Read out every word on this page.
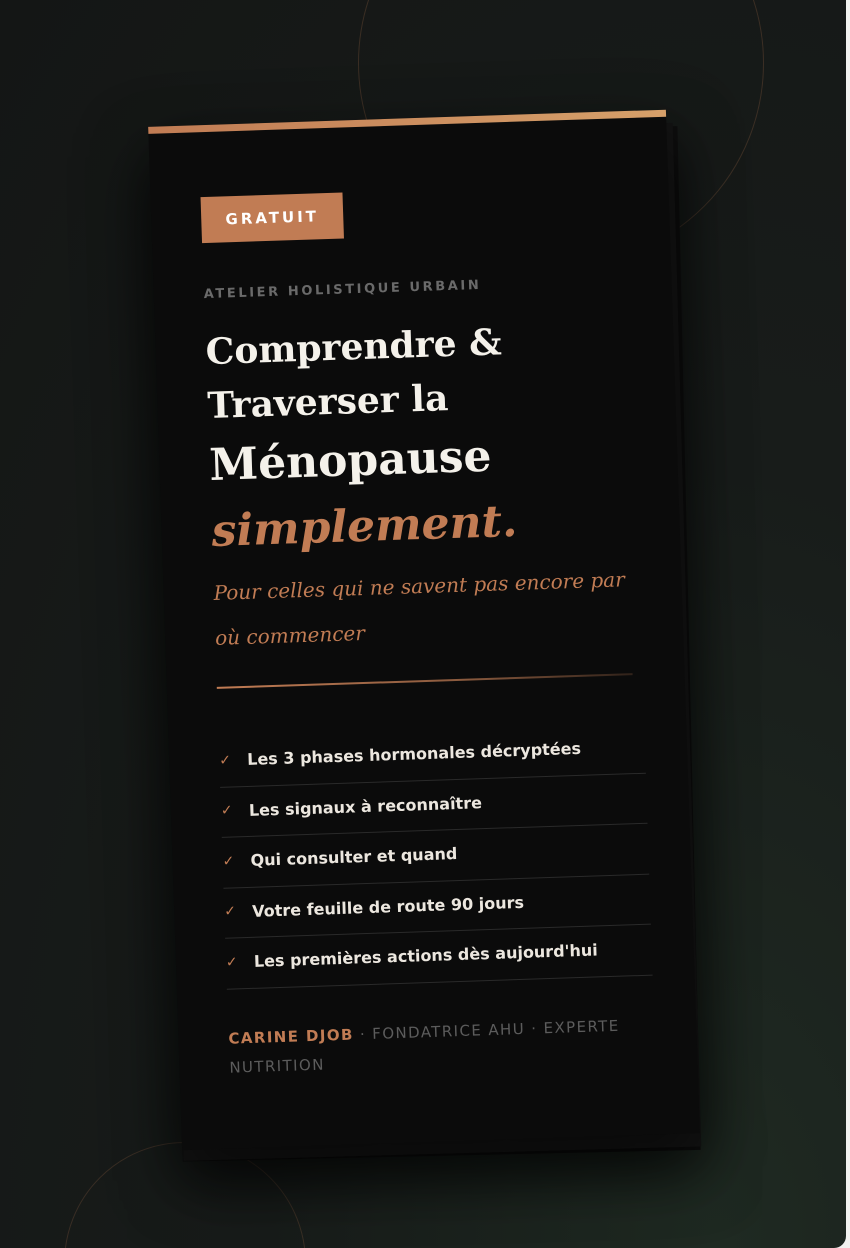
GRATUIT
ATELIER HOLISTIQUE URBAIN
Comprendre &
Traverser la
Ménopause
simplement.

Pour celles qui ne savent pas encore par où commencer

✓ Les 3 phases hormonales décryptées
✓ Les signaux à reconnaître
✓ Qui consulter et quand
✓ Votre feuille de route 90 jours
✓ Les premières actions dès aujourd'hui

CARINE DJOB · FONDATRICE AHU · EXPERTE NUTRITION
